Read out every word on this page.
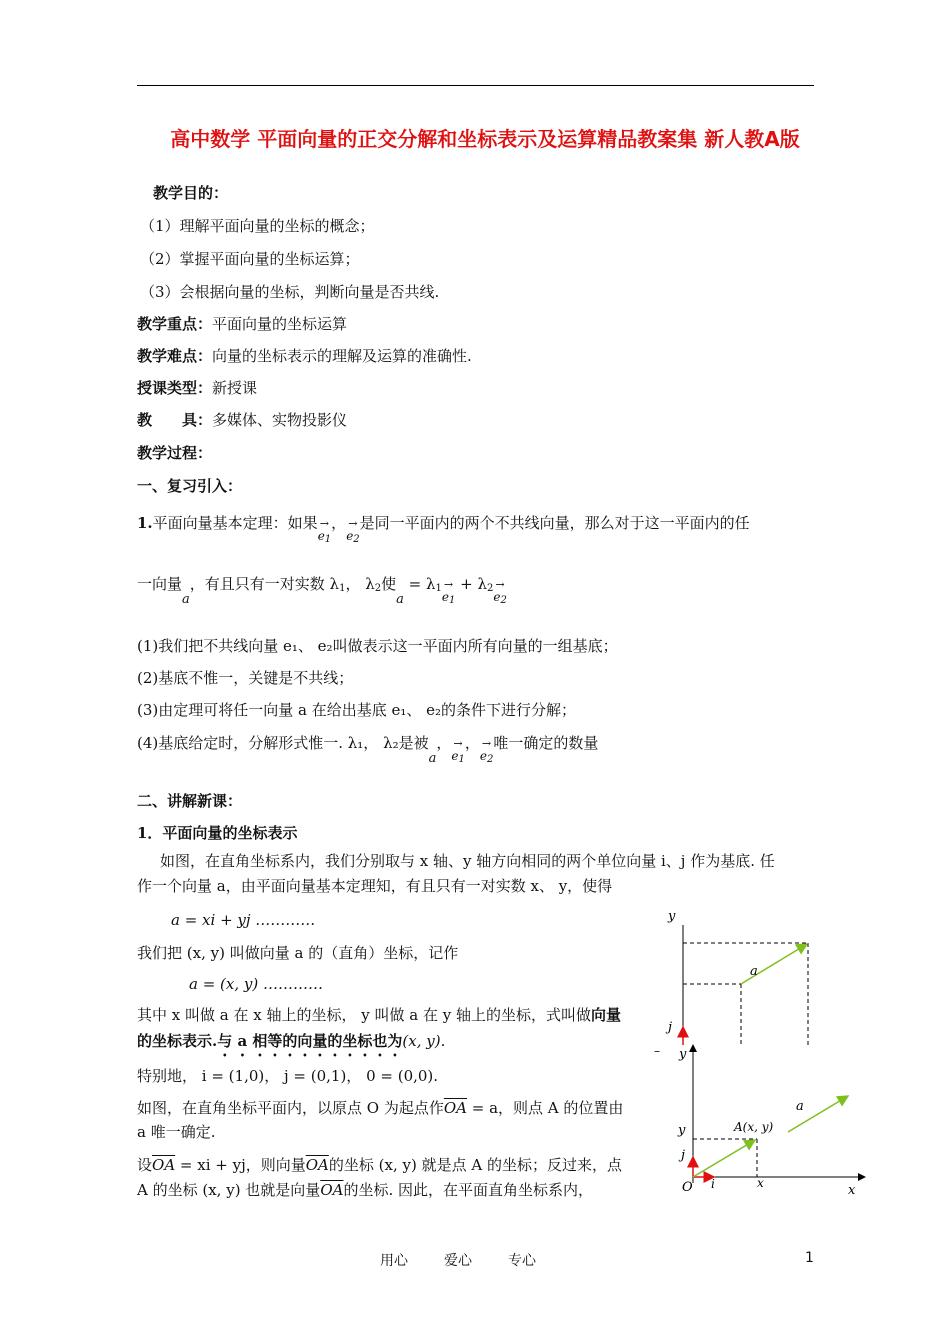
高中数学 平面向量的正交分解和坐标表示及运算精品教案集 新人教A版
教学目的：
（1）理解平面向量的坐标的概念；
（2）掌握平面向量的坐标运算；
（3）会根据向量的坐标，判断向量是否共线.
教学重点：平面向量的坐标运算
教学难点：向量的坐标表示的理解及运算的准确性.
授课类型：新授课
教　　具：多媒体、实物投影仪
教学过程：
一、复习引入：
1.平面向量基本定理：如果 →
$e_1$， →
$e_2$是同一平面内的两个不共线向量，那么对于这一平面内的任
一向量a，有且只有一对实数 $\lambda_1$， $\lambda_2$使$a = \lambda_1$ →
$e_1 + \lambda_2$ →
$e_2$
(1)我们把不共线向量 e₁、 e₂叫做表示这一平面内所有向量的一组基底；
(2)基底不惟一，关键是不共线；
(3)由定理可将任一向量 a 在给出基底 e₁、 e₂的条件下进行分解；
(4)基底给定时，分解形式惟一. λ₁， λ₂是被a， →
$e_1$， →
$e_2$唯一确定的数量
二、讲解新课：
1．平面向量的坐标表示
如图，在直角坐标系内，我们分别取与 x 轴、y 轴方向相同的两个单位向量 i、j 作为基底. 任
作一个向量 a，由平面向量基本定理知，有且只有一对实数 x、 y，使得
a = xi + yj …………
我们把 (x, y) 叫做向量 a 的（直角）坐标，记作
a = (x, y) …………
其中 x 叫做 a 在 x 轴上的坐标， y 叫做 a 在 y 轴上的坐标，式叫做向量
的坐标表示.与 a 相等的向量的坐标也为(x, y).
特别地， i = (1,0)， j = (0,1)， 0 = (0,0).
如图，在直角坐标平面内，以原点 O 为起点作$\overline{OA} = a$，则点 A 的位置由
a 唯一确定.
设$\overline{OA}$ = xi + yj，则向量$\overline{OA}$的坐标 (x, y) 就是点 A 的坐标；反过来，点
A 的坐标 (x, y) 也就是向量$\overline{OA}$的坐标. 因此，在平面直角坐标系内，
y
a
j
– y
a
A(x, y)
y
j
O i	x	x
用心	爱心	专心	1
